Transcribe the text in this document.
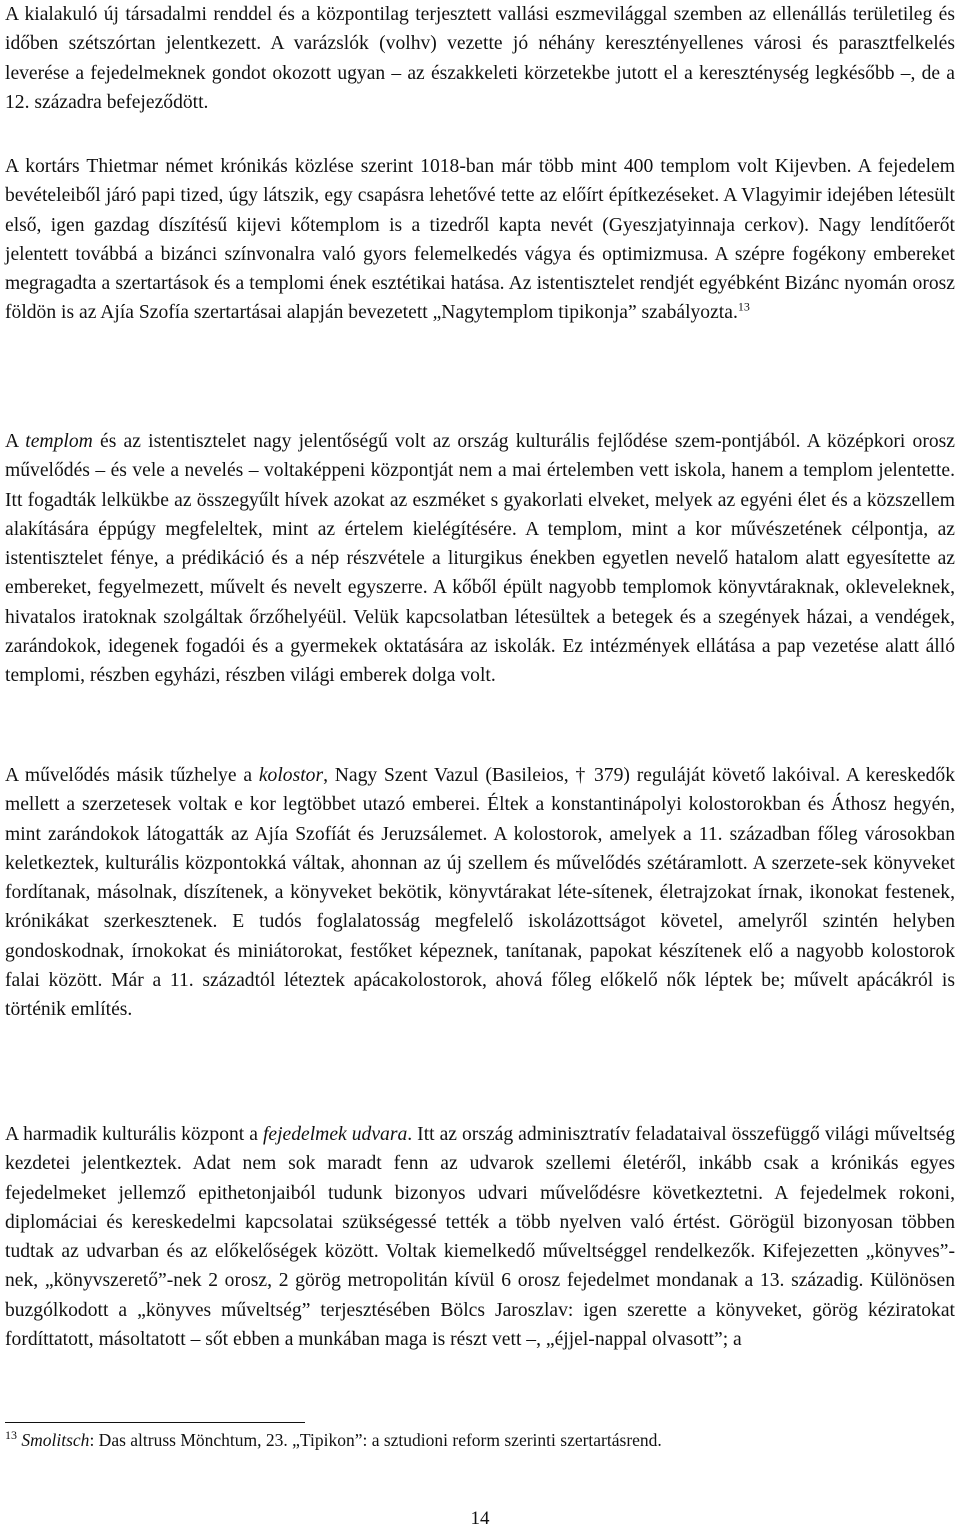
A kialakuló új társadalmi renddel és a központilag terjesztett vallási eszmevilággal szemben az ellenállás területileg és időben szétszórtan jelentkezett. A varázslók (volhv) vezette jó néhány keresztényellenes városi és parasztfelkelés leverése a fejedelmeknek gondot okozott ugyan – az északkeleti körzetekbe jutott el a kereszténység legkésőbb –, de a 12. századra befejeződött.

A kortárs Thietmar német krónikás közlése szerint 1018-ban már több mint 400 templom volt Kijevben. A fejedelem bevételeiből járó papi tized, úgy látszik, egy csapásra lehetővé tette az előírt építkezéseket. A Vlagyimir idejében létesült első, igen gazdag díszítésű kijevi kőtemplom is a tizedről kapta nevét (Gyeszjatyinnaja cerkov). Nagy lendítőerőt jelentett továbbá a bizánci színvonalra való gyors felemelkedés vágya és optimizmusa. A szépre fogékony embereket megragadta a szertartások és a templomi ének esztétikai hatása. Az istentisztelet rendjét egyébként Bizánc nyomán orosz földön is az Ajía Szofía szertartásai alapján bevezetett „Nagytemplom tipikonja” szabályozta.$^{13}$

A templom és az istentisztelet nagy jelentőségű volt az ország kulturális fejlődése szem-pontjából. A középkori orosz művelődés – és vele a nevelés – voltaképpeni központját nem a mai értelemben vett iskola, hanem a templom jelentette. Itt fogadták lelkükbe az összegyűlt hívek azokat az eszméket s gyakorlati elveket, melyek az egyéni élet és a közszellem alakítására éppúgy megfeleltek, mint az értelem kielégítésére. A templom, mint a kor művészetének célpontja, az istentisztelet fénye, a prédikáció és a nép részvétele a liturgikus énekben egyetlen nevelő hatalom alatt egyesítette az embereket, fegyelmezett, művelt és nevelt egyszerre. A kőből épült nagyobb templomok könyvtáraknak, okleveleknek, hivatalos iratoknak szolgáltak őrzőhelyéül. Velük kapcsolatban létesültek a betegek és a szegények házai, a vendégek, zarándokok, idegenek fogadói és a gyermekek oktatására az iskolák. Ez intézmények ellátása a pap vezetése alatt álló templomi, részben egyházi, részben világi emberek dolga volt.

A művelődés másik tűzhelye a kolostor, Nagy Szent Vazul (Basileios, † 379) reguláját követő lakóival. A kereskedők mellett a szerzetesek voltak e kor legtöbbet utazó emberei. Éltek a konstantinápolyi kolostorokban és Áthosz hegyén, mint zarándokok látogatták az Ajía Szofíát és Jeruzsálemet. A kolostorok, amelyek a 11. században főleg városokban keletkeztek, kulturális központokká váltak, ahonnan az új szellem és művelődés szétáramlott. A szerzete-sek könyveket fordítanak, másolnak, díszítenek, a könyveket bekötik, könyvtárakat léte-sítenek, életrajzokat írnak, ikonokat festenek, krónikákat szerkesztenek. E tudós foglalatosság megfelelő iskolázottságot követel, amelyről szintén helyben gondoskodnak, írnokokat és miniátorokat, festőket képeznek, tanítanak, papokat készítenek elő a nagyobb kolostorok falai között. Már a 11. századtól léteztek apácakolostorok, ahová főleg előkelő nők léptek be; művelt apácákról is történik említés.

A harmadik kulturális központ a fejedelmek udvara. Itt az ország adminisztratív feladataival összefüggő világi műveltség kezdetei jelentkeztek. Adat nem sok maradt fenn az udvarok szellemi életéről, inkább csak a krónikás egyes fejedelmeket jellemző epithetonjaiból tudunk bizonyos udvari művelődésre következtetni. A fejedelmek rokoni, diplomáciai és kereskedelmi kapcsolatai szükségessé tették a több nyelven való értést. Görögül bizonyosan többen tudtak az udvarban és az előkelőségek között. Voltak kiemelkedő műveltséggel rendelkezők. Kifejezetten „könyves”-nek, „könyvszerető”-nek 2 orosz, 2 görög metropolitán kívül 6 orosz fejedelmet mondanak a 13. századig. Különösen buzgólkodott a „könyves műveltség” terjesztésében Bölcs Jaroszlav: igen szerette a könyveket, görög kéziratokat fordíttatott, másoltatott – sőt ebben a munkában maga is részt vett –, „éjjel-nappal olvasott”; a

$^{13}$ Smolitsch: Das altruss Mönchtum, 23. „Tipikon”: a sztudioni reform szerinti szertartásrend.
14
